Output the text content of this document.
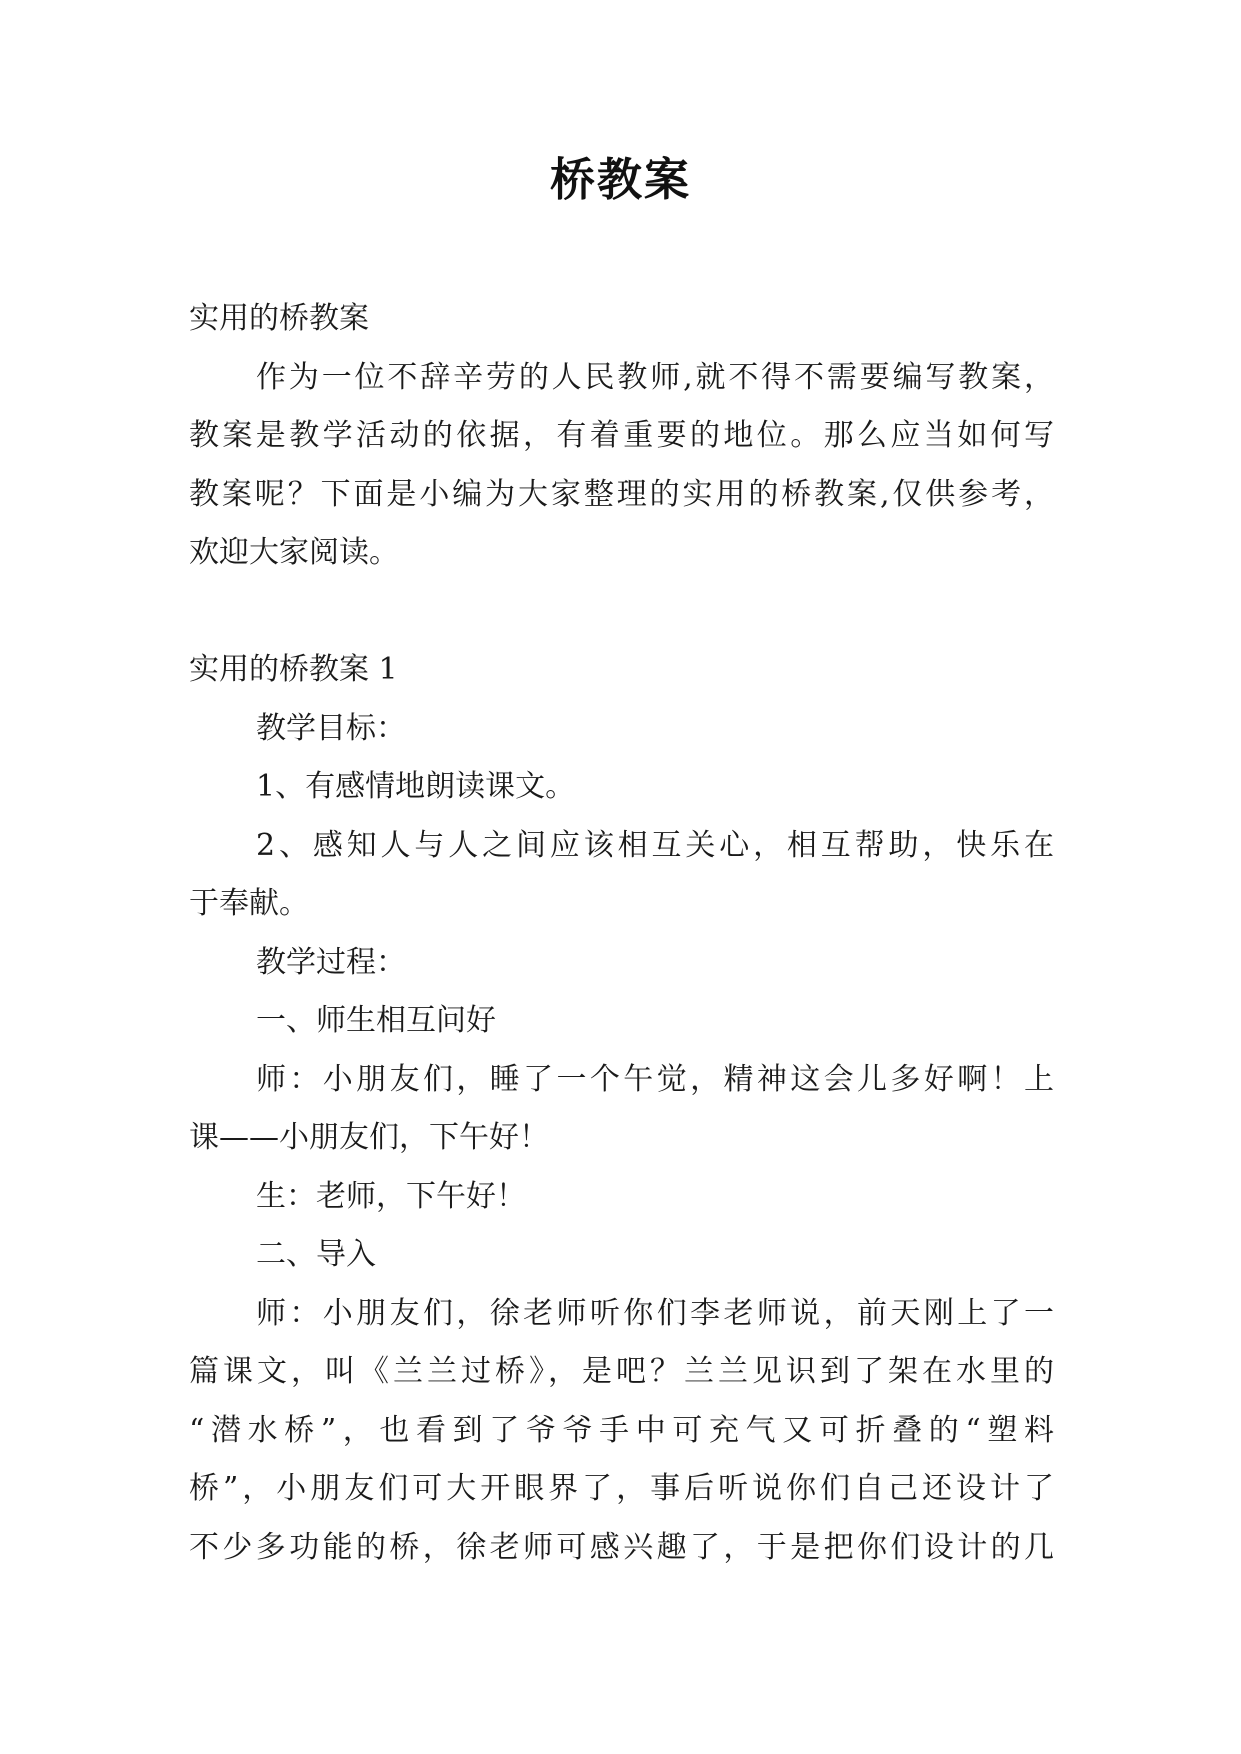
桥教案
实用的桥教案
作为一位不辞辛劳的人民教师,就不得不需要编写教案，
教案是教学活动的依据，有着重要的地位。那么应当如何写
教案呢？下面是小编为大家整理的实用的桥教案,仅供参考，
欢迎大家阅读。
实用的桥教案 1
教学目标：
1、有感情地朗读课文。
2、感知人与人之间应该相互关心，相互帮助，快乐在
于奉献。
教学过程：
一、师生相互问好
师：小朋友们，睡了一个午觉，精神这会儿多好啊！上
课——小朋友们，下午好！
生：老师，下午好！
二、导入
师：小朋友们，徐老师听你们李老师说，前天刚上了一
篇课文，叫《兰兰过桥》，是吧？兰兰见识到了架在水里的
“潜水桥”，也看到了爷爷手中可充气又可折叠的“塑料
桥”，小朋友们可大开眼界了，事后听说你们自己还设计了
不少多功能的桥，徐老师可感兴趣了，于是把你们设计的几
